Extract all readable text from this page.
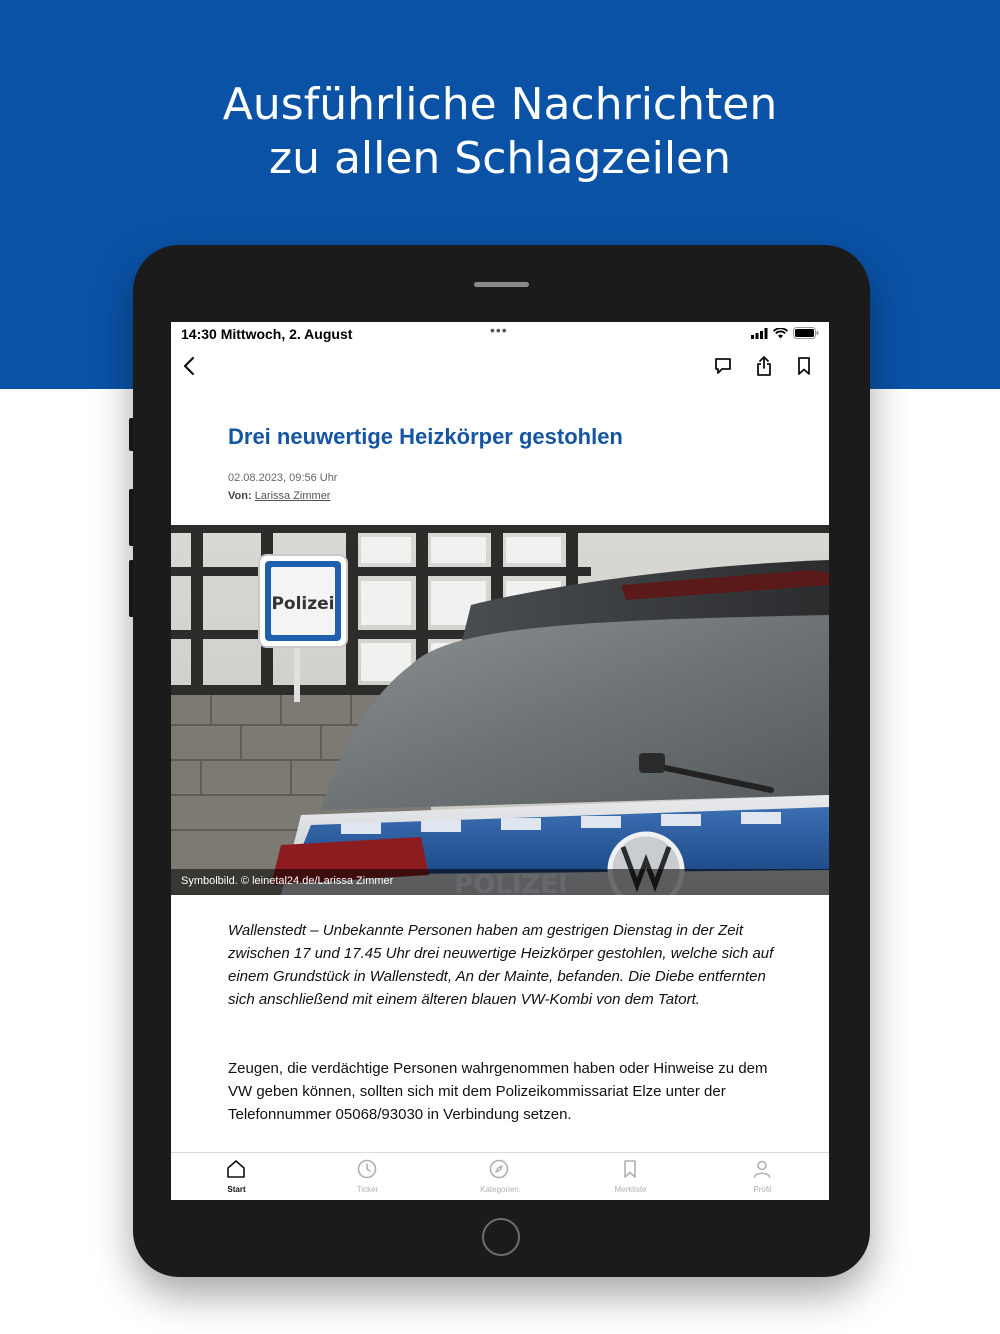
Ausführliche Nachrichten
zu allen Schlagzeilen
14:30 Mittwoch, 2. August	•••
Drei neuwertige Heizkörper gestohlen
02.08.2023, 09:56 Uhr
Von: Larissa Zimmer
Polizei
Symbolbild. © leinetal24.de/Larissa Zimmer
Wallenstedt – Unbekannte Personen haben am gestrigen Dienstag in der Zeit zwischen 17 und 17.45 Uhr drei neuwertige Heizkörper gestohlen, welche sich auf einem Grundstück in Wallenstedt, An der Mainte, befanden. Die Diebe entfernten sich anschließend mit einem älteren blauen VW-Kombi von dem Tatort.
Zeugen, die verdächtige Personen wahrgenommen haben oder Hinweise zu dem VW geben können, sollten sich mit dem Polizeikommissariat Elze unter der Telefonnummer 05068/93030 in Verbindung setzen.
Start	Ticker	Kategorien	Merkliste	Profil
